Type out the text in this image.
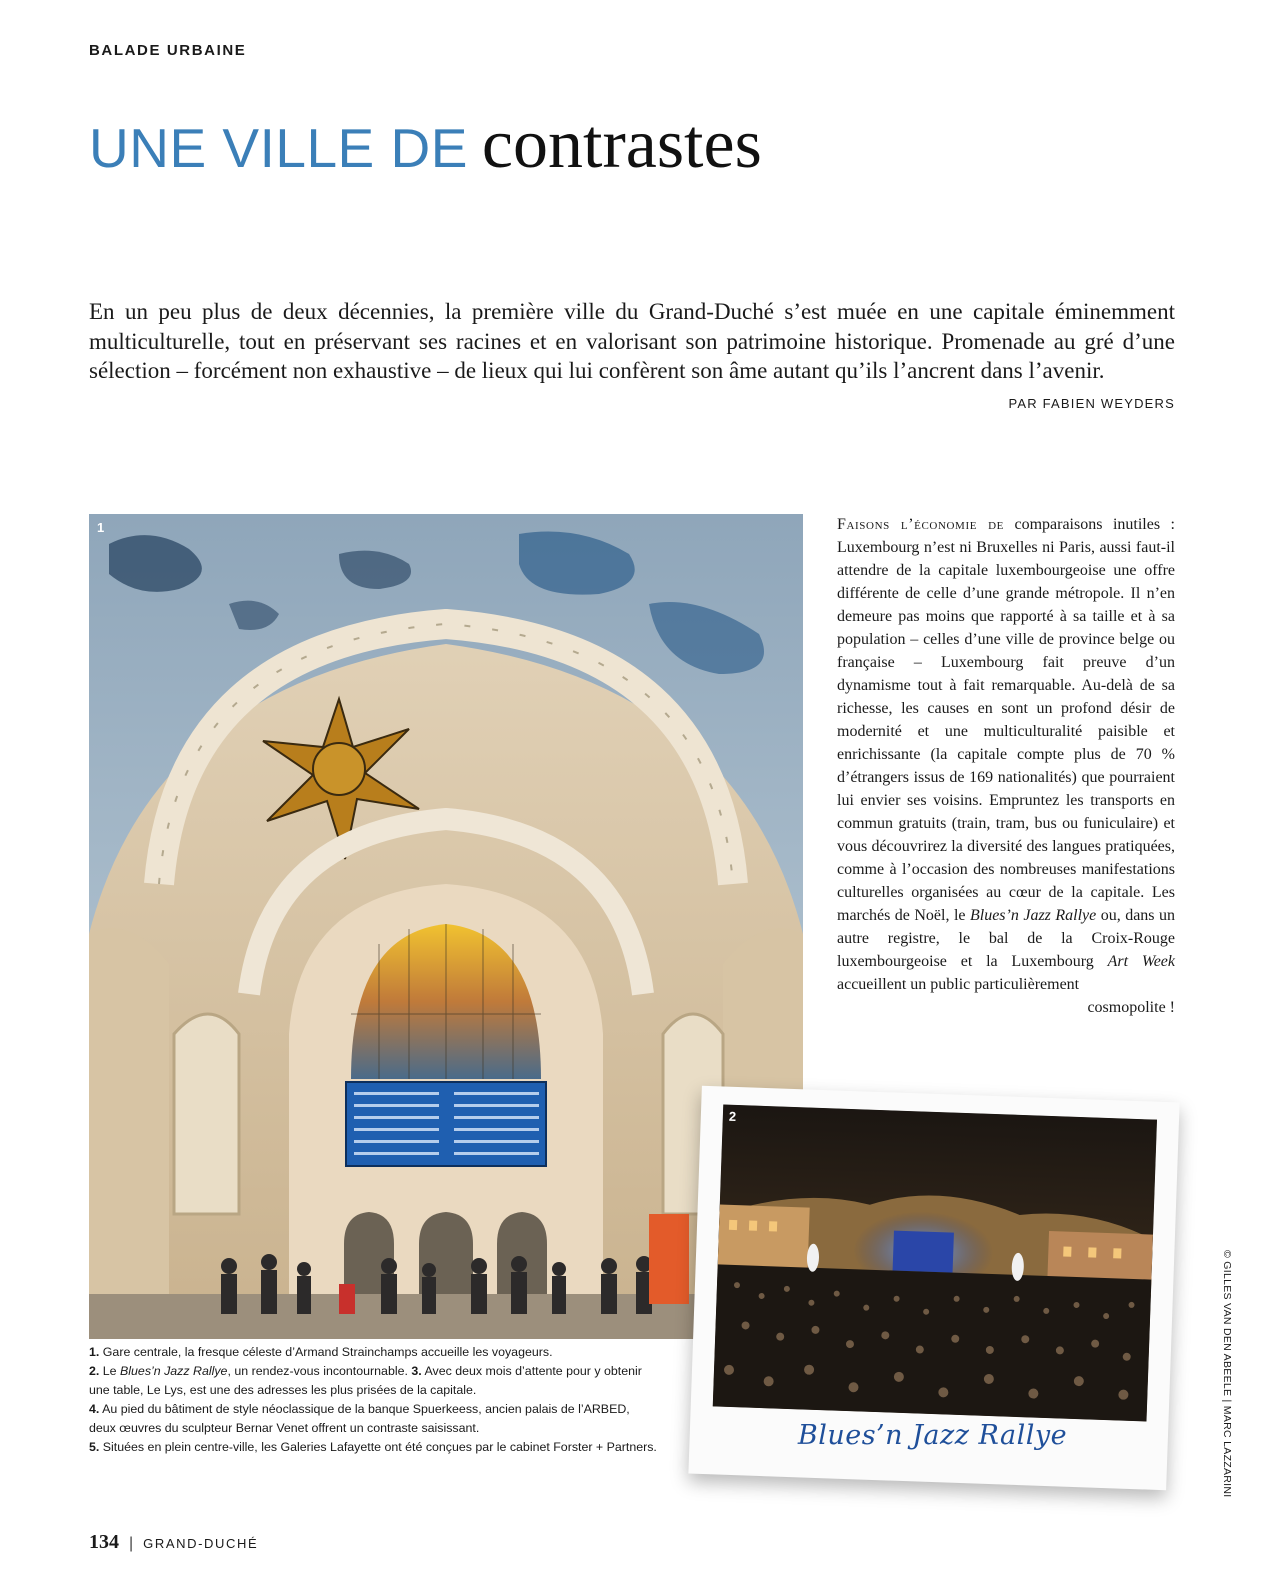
BALADE URBAINE
UNE VILLE DE contrastes

En un peu plus de deux décennies, la première ville du Grand-Duché s’est muée en une capitale éminemment multiculturelle, tout en préservant ses racines et en valorisant son patrimoine historique. Promenade au gré d’une sélection – forcément non exhaustive – de lieux qui lui confèrent son âme autant qu’ils l’ancrent dans l’avenir.

PAR FABIEN WEYDERS
1	Faisons l’économie de comparaisons inutiles : Luxembourg n’est ni Bruxelles ni Paris, aussi faut-il attendre de la capitale luxembourgeoise une offre différente de celle d’une grande métropole. Il n’en demeure pas moins que rapporté à sa taille et à sa population – celles d’une ville de province belge ou française – Luxembourg fait preuve d’un dynamisme tout à fait remarquable. Au-delà de sa richesse, les causes en sont un profond désir de modernité et une multiculturalité paisible et enrichissante (la capitale compte plus de 70 % d’étrangers issus de 169 nationalités) que pourraient lui envier ses voisins. Empruntez les transports en commun gratuits (train, tram, bus ou funiculaire) et vous découvrirez la diversité des langues pratiquées, comme à l’occasion des nombreuses manifestations culturelles organisées au cœur de la capitale. Les marchés de Noël, le Blues’n Jazz Rallye ou, dans un autre registre, le bal de la Croix-Rouge luxembourgeoise et la Luxembourg Art Week accueillent un public particulièrement
cosmopolite !

1. Gare centrale, la fresque céleste d’Armand Strainchamps accueille les voyageurs.
2. Le Blues’n Jazz Rallye, un rendez-vous incontournable. 3. Avec deux mois d’attente pour y obtenir une table, Le Lys, est une des adresses les plus prisées de la capitale.
4. Au pied du bâtiment de style néoclassique de la banque Spuerkeess, ancien palais de l’ARBED, deux œuvres du sculpteur Bernar Venet offrent un contraste saisissant.
5. Situées en plein centre-ville, les Galeries Lafayette ont été conçues par le cabinet Forster + Partners.

2
Blues’n Jazz Rallye	© GILLES VAN DEN ABEELE | MARC LAZZARINI
134 | GRAND-DUCHÉ
